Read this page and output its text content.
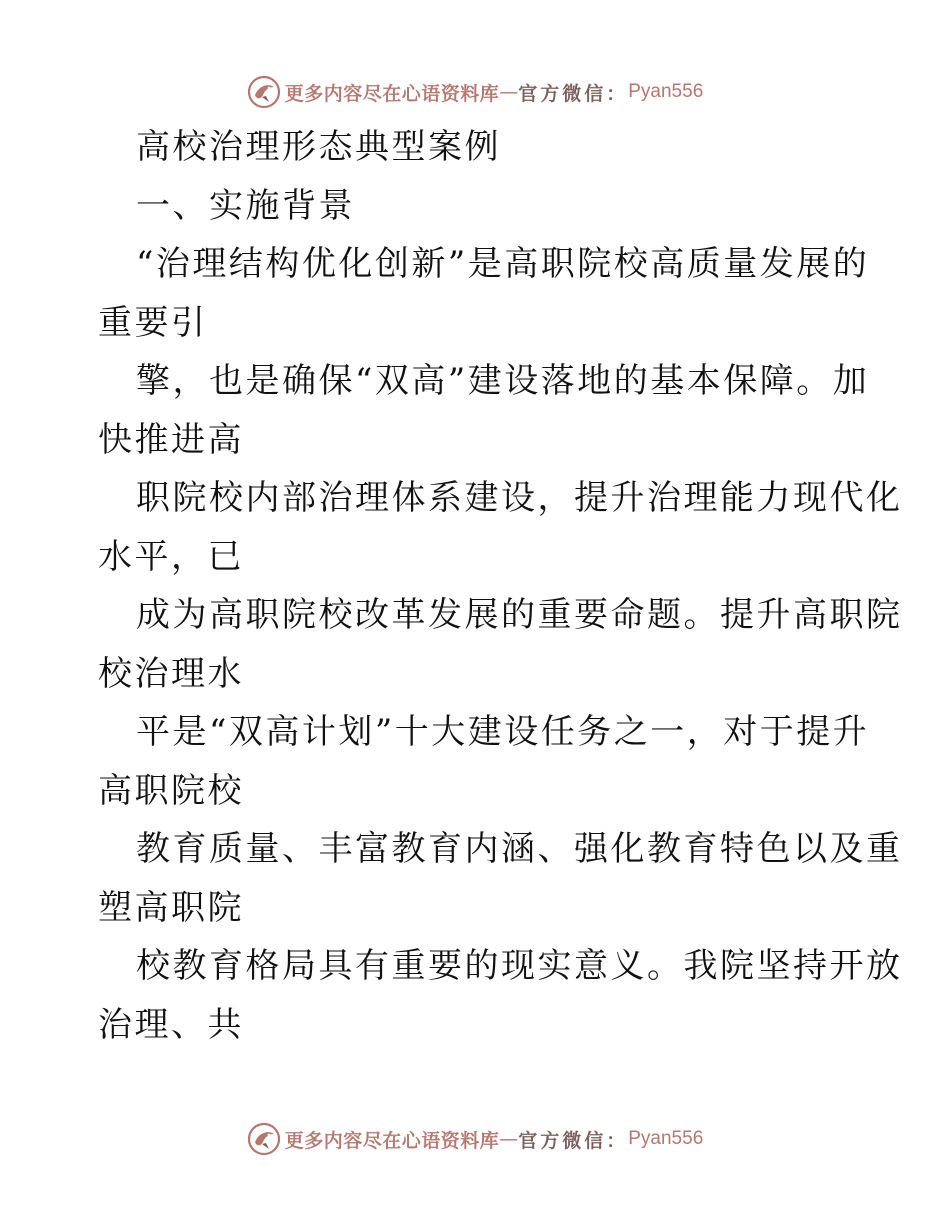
更多内容尽在心语资料库 — 官方微信： Pyan556
高校治理形态典型案例
一、实施背景
“治理结构优化创新”是高职院校高质量发展的
重要引
擎，也是确保“双高”建设落地的基本保障。加
快推进高
职院校内部治理体系建设，提升治理能力现代化
水平，已
成为高职院校改革发展的重要命题。提升高职院
校治理水
平是“双高计划”十大建设任务之一，对于提升
高职院校
教育质量、丰富教育内涵、强化教育特色以及重
塑高职院
校教育格局具有重要的现实意义。我院坚持开放
治理、共
更多内容尽在心语资料库 — 官方微信： Pyan556
